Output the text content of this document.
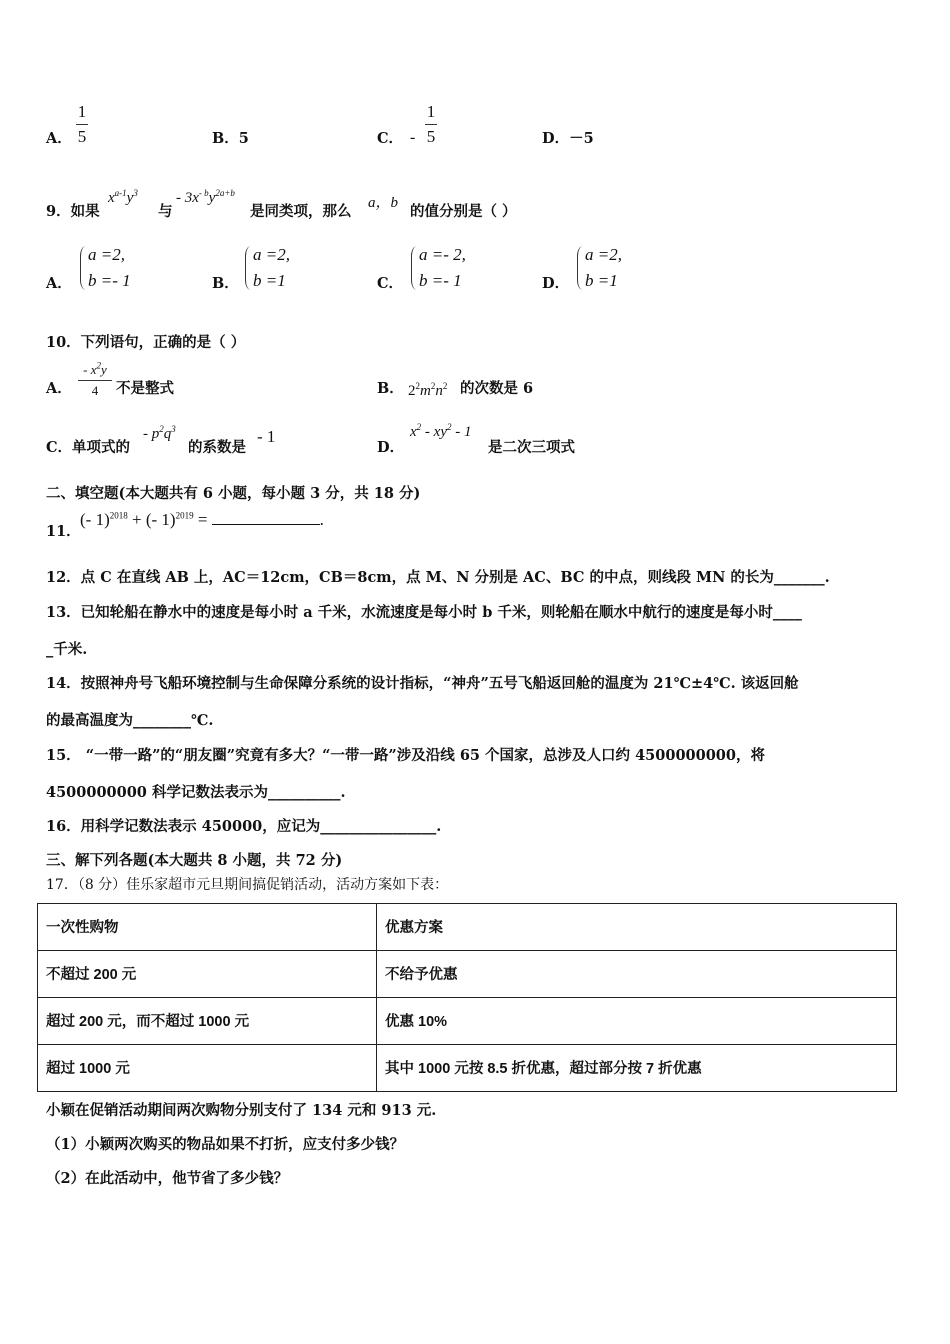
A．
1
5	B．5	C． -
1
5	D．－5
9．如果
$x^{a-1}y^3$
与
- $3x^{- b}y^{2a+b}$
是同类项，那么 a，b 的值分别是（ ）
A．
a =2,
b =- 1	B．
a =2,
b =1	C．
a =- 2,
b =- 1	D．
a =2,
b =1
10．下列语句，正确的是（ ）
A．
- $x^2y$
4 不是整式	B． $2^2m^2n^2$ 的次数是 6
C．单项式的
- $p^2q^3$
的系数是
- 1
D．
$x^2 - xy^2 - 1$
是二次三项式
二、填空题(本大题共有 6 小题，每小题 3 分，共 18 分)
11．
(- 1)$^{2018}$ + (- 1)$^{2019}$ =	.
12．点 C 在直线 AB 上，AC＝12cm，CB＝8cm，点 M、N 分别是 AC、BC 的中点，则线段 MN 的长为_______.
13．已知轮船在静水中的速度是每小时 a 千米，水流速度是每小时 b 千米，则轮船在顺水中航行的速度是每小时____
_千米.
14．按照神舟号飞船环境控制与生命保障分系统的设计指标，“神舟”五号飞船返回舱的温度为 21℃±4℃. 该返回舱
的最高温度为________℃.
15． “一带一路”的“朋友圈”究竟有多大？“一带一路”涉及沿线 65 个国家，总涉及人口约 4500000000，将
4500000000 科学记数法表示为__________.
16．用科学记数法表示 450000，应记为________________.
三、解下列各题(本大题共 8 小题，共 72 分)
17．（8 分）佳乐家超市元旦期间搞促销活动，活动方案如下表：
一次性购物	优惠方案
不超过 200 元	不给予优惠
超过 200 元，而不超过 1000 元	优惠 10%
超过 1000 元	其中 1000 元按 8.5 折优惠，超过部分按 7 折优惠
小颖在促销活动期间两次购物分别支付了 134 元和 913 元.
（1）小颖两次购买的物品如果不打折，应支付多少钱？
（2）在此活动中，他节省了多少钱？
